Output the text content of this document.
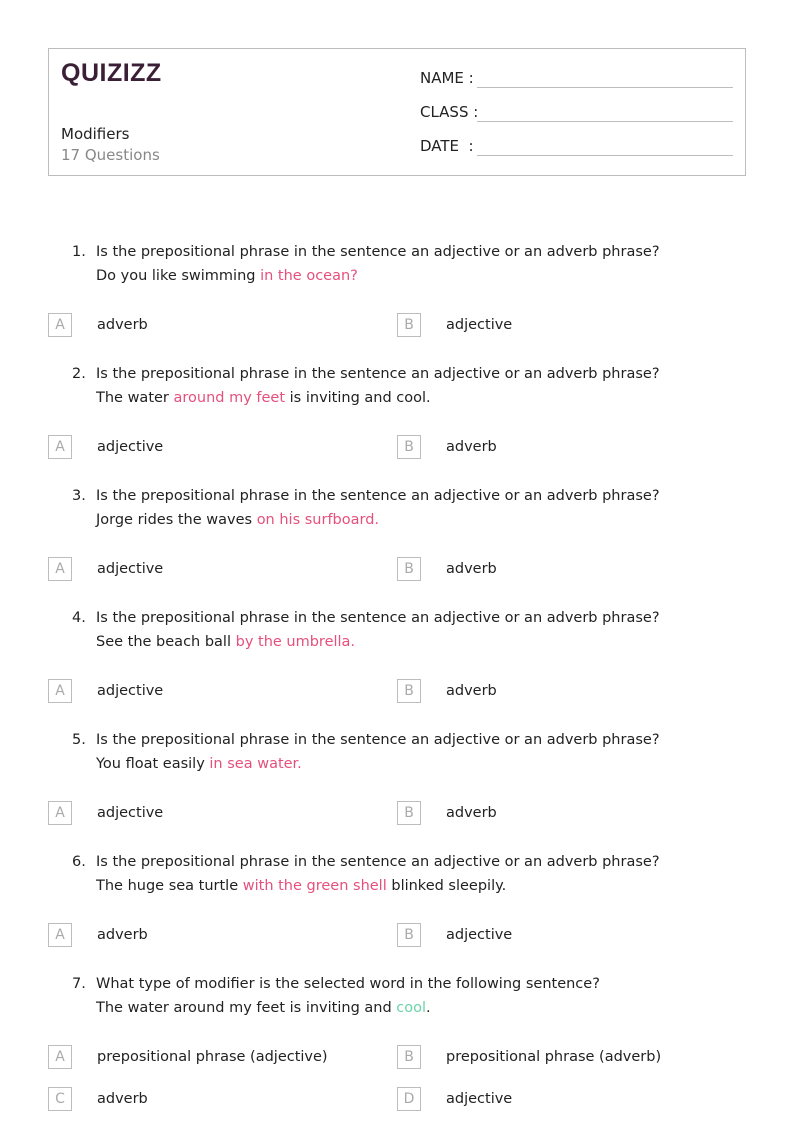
QUIZIZZ
Modifiers
17 Questions
NAME :
CLASS :
DATE  :
1. Is the prepositional phrase in the sentence an adjective or an adverb phrase?
Do you like swimming in the ocean?
A	adverb	B	adjective
2. Is the prepositional phrase in the sentence an adjective or an adverb phrase?
The water around my feet is inviting and cool.
A	adjective	B	adverb
3. Is the prepositional phrase in the sentence an adjective or an adverb phrase?
Jorge rides the waves on his surfboard.
A	adjective	B	adverb
4. Is the prepositional phrase in the sentence an adjective or an adverb phrase?
See the beach ball by the umbrella.
A	adjective	B	adverb
5. Is the prepositional phrase in the sentence an adjective or an adverb phrase?
You float easily in sea water.
A	adjective	B	adverb
6. Is the prepositional phrase in the sentence an adjective or an adverb phrase?
The huge sea turtle with the green shell blinked sleepily.
A	adverb	B	adjective
7. What type of modifier is the selected word in the following sentence?
The water around my feet is inviting and cool.
A	prepositional phrase (adjective)	B	prepositional phrase (adverb)
C	adverb	D	adjective
